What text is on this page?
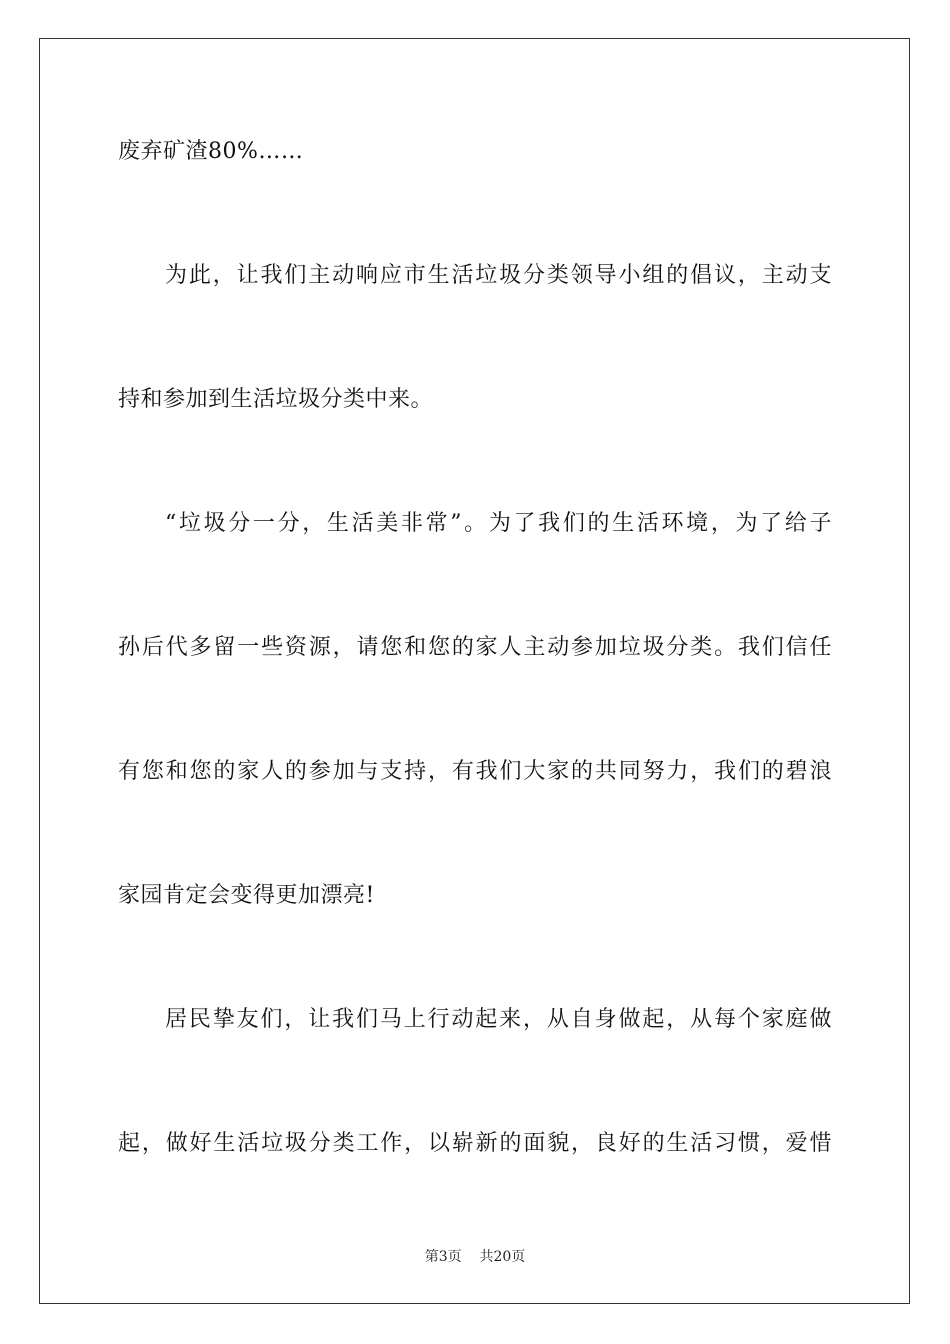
废弃矿渣80%……
为此，让我们主动响应市生活垃圾分类领导小组的倡议，主动支
持和参加到生活垃圾分类中来。
“垃圾分一分，生活美非常”。为了我们的生活环境，为了给子
孙后代多留一些资源，请您和您的家人主动参加垃圾分类。我们信任
有您和您的家人的参加与支持，有我们大家的共同努力，我们的碧浪
家园肯定会变得更加漂亮!
居民挚友们，让我们马上行动起来，从自身做起，从每个家庭做
起，做好生活垃圾分类工作，以崭新的面貌，良好的生活习惯，爱惜
第3页 共20页
